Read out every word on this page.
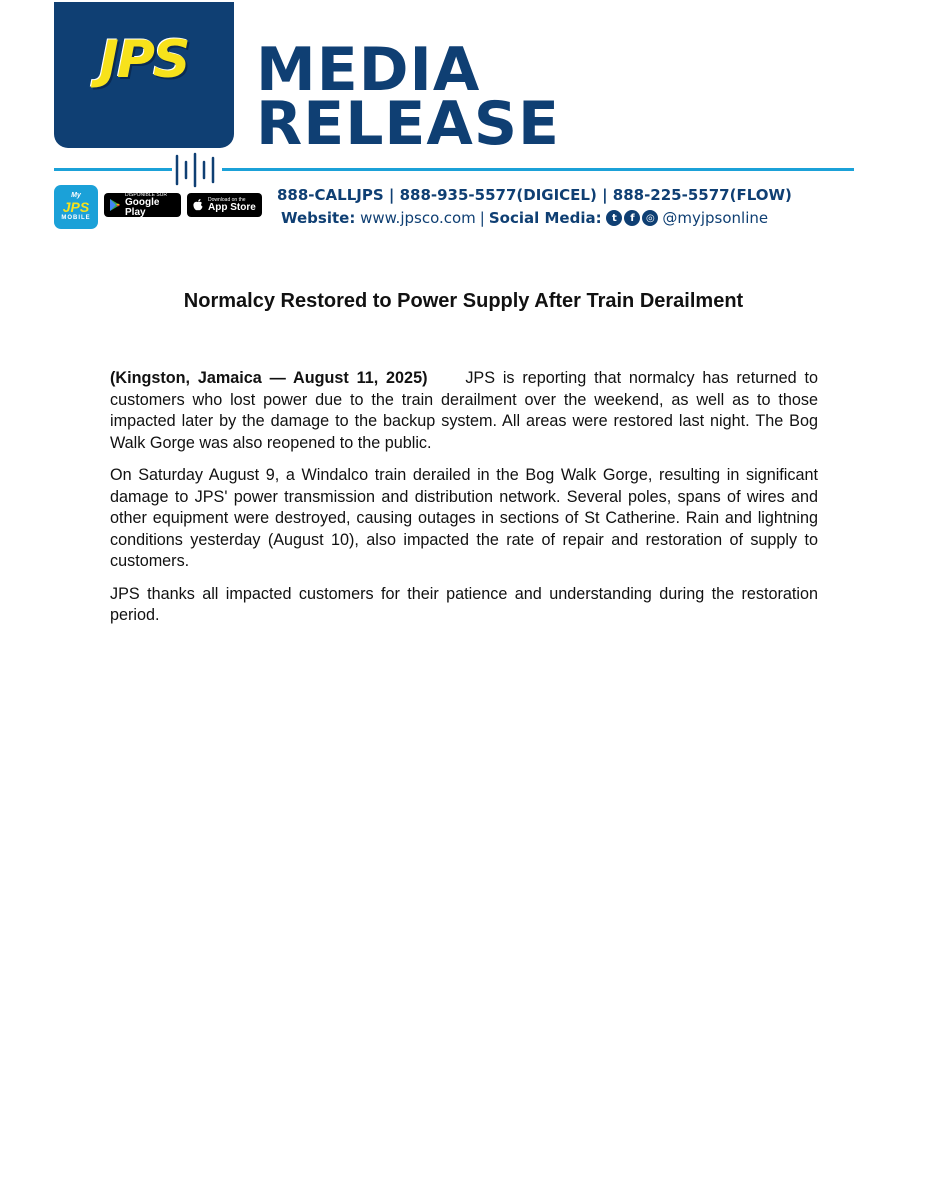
JPS	MEDIA
RELEASE
My
JPS
MOBILE
DISPONIBLE SUR
Google Play
Download on the
App Store
888-CALLJPS | 888-935-5577(DIGICEL) | 888-225-5577(FLOW)
Website:
www.jpsco.com | Social Media:
	t	f	◎ @myjpsonline
Normalcy Restored to Power Supply After Train Derailment

(Kingston, Jamaica — August 11, 2025) JPS is reporting that normalcy has returned to customers who lost power due to the train derailment over the weekend, as well as to those impacted later by the damage to the backup system. All areas were restored last night. The Bog Walk Gorge was also reopened to the public.

On Saturday August 9, a Windalco train derailed in the Bog Walk Gorge, resulting in significant damage to JPS' power transmission and distribution network. Several poles, spans of wires and other equipment were destroyed, causing outages in sections of St Catherine. Rain and lightning conditions yesterday (August 10), also impacted the rate of repair and restoration of supply to customers.

JPS thanks all impacted customers for their patience and understanding during the restoration period.
